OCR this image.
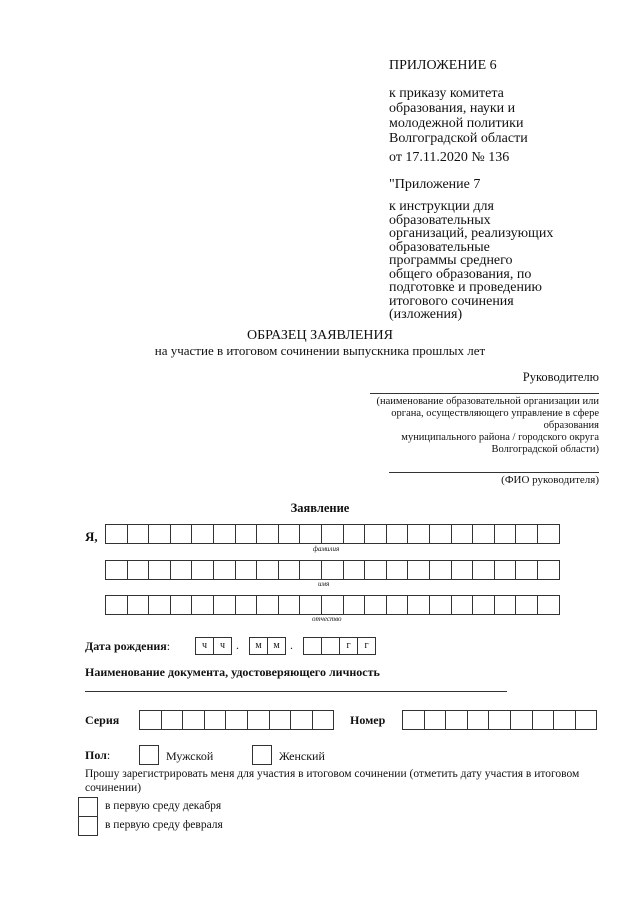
ПРИЛОЖЕНИЕ 6
к приказу комитета
образования, науки и
молодежной политики
Волгоградской области
от 17.11.2020 № 136
"Приложение 7
к инструкции для
образовательных
организаций, реализующих
образовательные
программы среднего
общего образования, по
подготовке и проведению
итогового сочинения
(изложения)
ОБРАЗЕЦ ЗАЯВЛЕНИЯ
на участие в итоговом сочинении выпускника прошлых лет
Руководителю
(наименование образовательной организации или
органа, осуществляющего управление в сфере
образования
муниципального района / городского округа
Волгоградской области)
(ФИО руководителя)
Заявление
Я,
фамилия
имя
отчество
Дата рождения:	ч	ч .	м	м .	г	г
Наименование документа, удостоверяющего личность
Серия	Номер
Пол:	Мужской	Женский
Прошу зарегистрировать меня для участия в итоговом сочинении (отметить дату участия в итоговом сочинении)
в первую среду декабря
в первую среду февраля
